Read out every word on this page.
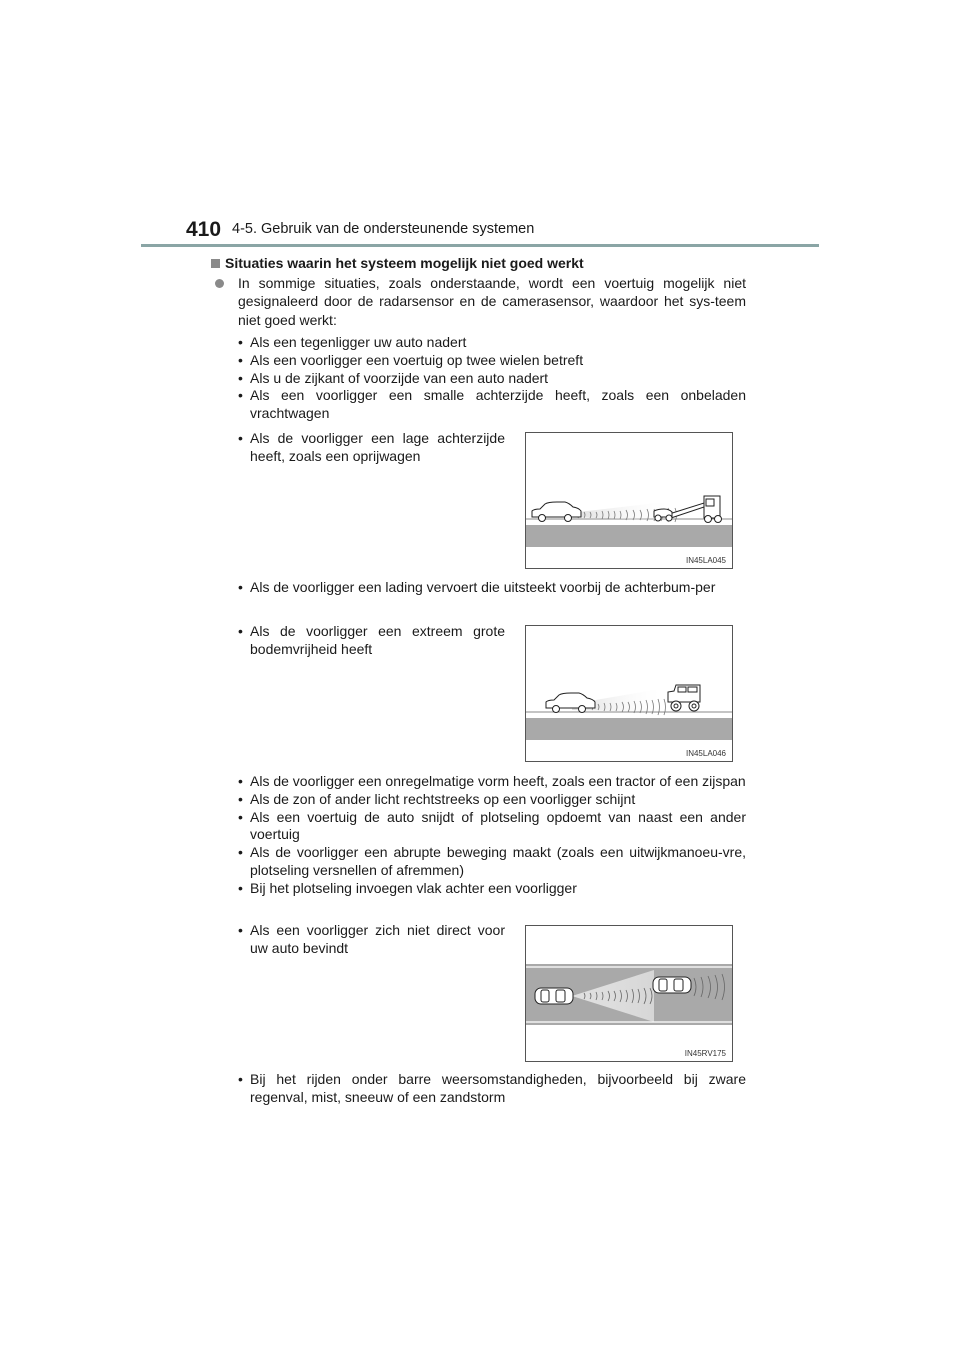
410 4-5. Gebruik van de ondersteunende systemen
Situaties waarin het systeem mogelijk niet goed werkt
In sommige situaties, zoals onderstaande, wordt een voertuig mogelijk niet gesignaleerd door de radarsensor en de camerasensor, waardoor het sys-teem niet goed werkt:
• Als een tegenligger uw auto nadert
• Als een voorligger een voertuig op twee wielen betreft
• Als u de zijkant of voorzijde van een auto nadert
• Als een voorligger een smalle achterzijde heeft, zoals een onbeladen vrachtwagen
• Als de voorligger een lage achterzijde heeft, zoals een oprijwagen
IN45LA045
• Als de voorligger een lading vervoert die uitsteekt voorbij de achterbum-per
• Als de voorligger een extreem grote bodemvrijheid heeft
IN45LA046
• Als de voorligger een onregelmatige vorm heeft, zoals een tractor of een zijspan
• Als de zon of ander licht rechtstreeks op een voorligger schijnt
• Als een voertuig de auto snijdt of plotseling opdoemt van naast een ander voertuig
• Als de voorligger een abrupte beweging maakt (zoals een uitwijkmanoeu-vre, plotseling versnellen of afremmen)
• Bij het plotseling invoegen vlak achter een voorligger
• Als een voorligger zich niet direct voor uw auto bevindt
IN45RV175
• Bij het rijden onder barre weersomstandigheden, bijvoorbeeld bij zware regenval, mist, sneeuw of een zandstorm
